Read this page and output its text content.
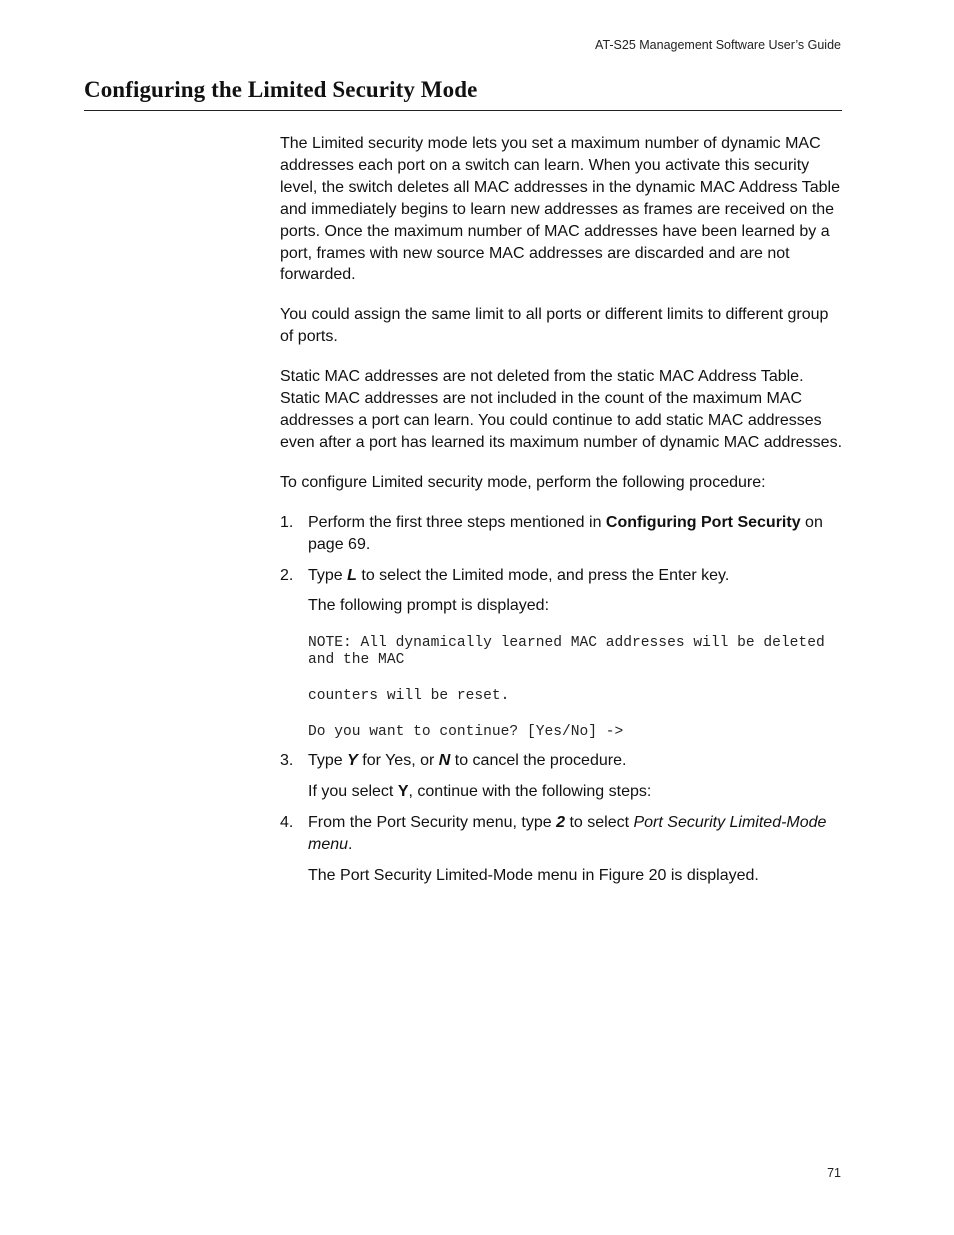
AT-S25 Management Software User’s Guide
Configuring the Limited Security Mode

The Limited security mode lets you set a maximum number of dynamic MAC addresses each port on a switch can learn. When you activate this security level, the switch deletes all MAC addresses in the dynamic MAC Address Table and immediately begins to learn new addresses as frames are received on the ports. Once the maximum number of MAC addresses have been learned by a port, frames with new source MAC addresses are discarded and are not forwarded.

You could assign the same limit to all ports or different limits to different group of ports.

Static MAC addresses are not deleted from the static MAC Address Table. Static MAC addresses are not included in the count of the maximum MAC addresses a port can learn. You could continue to add static MAC addresses even after a port has learned its maximum number of dynamic MAC addresses.

To configure Limited security mode, perform the following procedure:

1. Perform the first three steps mentioned in Configuring Port Security on page 69.
2. Type L to select the Limited mode, and press the Enter key.
The following prompt is displayed:
NOTE: All dynamically learned MAC addresses will be deleted and the MAC
counters will be reset.
Do you want to continue? [Yes/No] ->
3. Type Y for Yes, or N to cancel the procedure.
If you select Y, continue with the following steps:
4. From the Port Security menu, type 2 to select Port Security Limited-Mode menu.
The Port Security Limited-Mode menu in Figure 20 is displayed.
71
